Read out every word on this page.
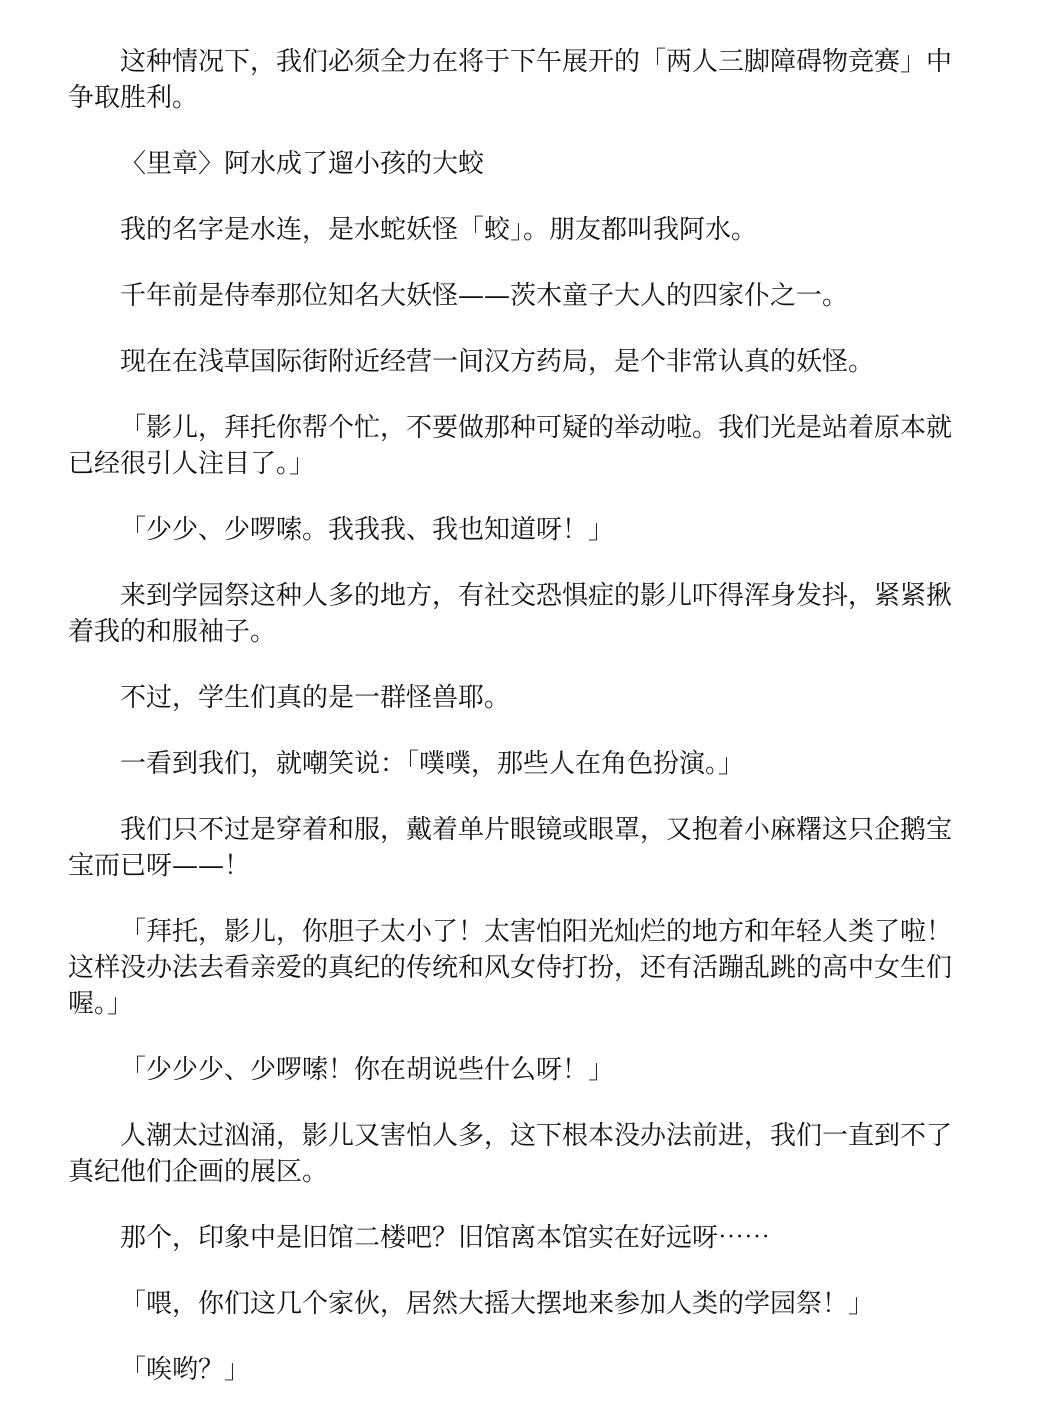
这种情况下，我们必须全力在将于下午展开的「两人三脚障碍物竞赛」中争取胜利。

〈里章〉阿水成了遛小孩的大蛟

我的名字是水连，是水蛇妖怪「蛟」。朋友都叫我阿水。

千年前是侍奉那位知名大妖怪——茨木童子大人的四家仆之一。

现在在浅草国际街附近经营一间汉方药局，是个非常认真的妖怪。

「影儿，拜托你帮个忙，不要做那种可疑的举动啦。我们光是站着原本就已经很引人注目了。」

「少少、少啰嗦。我我我、我也知道呀！」

来到学园祭这种人多的地方，有社交恐惧症的影儿吓得浑身发抖，紧紧揪着我的和服袖子。

不过，学生们真的是一群怪兽耶。

一看到我们，就嘲笑说：「噗噗，那些人在角色扮演。」

我们只不过是穿着和服，戴着单片眼镜或眼罩，又抱着小麻糬这只企鹅宝宝而已呀——！

「拜托，影儿，你胆子太小了！太害怕阳光灿烂的地方和年轻人类了啦！这样没办法去看亲爱的真纪的传统和风女侍打扮，还有活蹦乱跳的高中女生们喔。」

「少少少、少啰嗦！你在胡说些什么呀！」

人潮太过汹涌，影儿又害怕人多，这下根本没办法前进，我们一直到不了真纪他们企画的展区。

那个，印象中是旧馆二楼吧？旧馆离本馆实在好远呀⋯⋯

「喂，你们这几个家伙，居然大摇大摆地来参加人类的学园祭！」

「唉哟？」
